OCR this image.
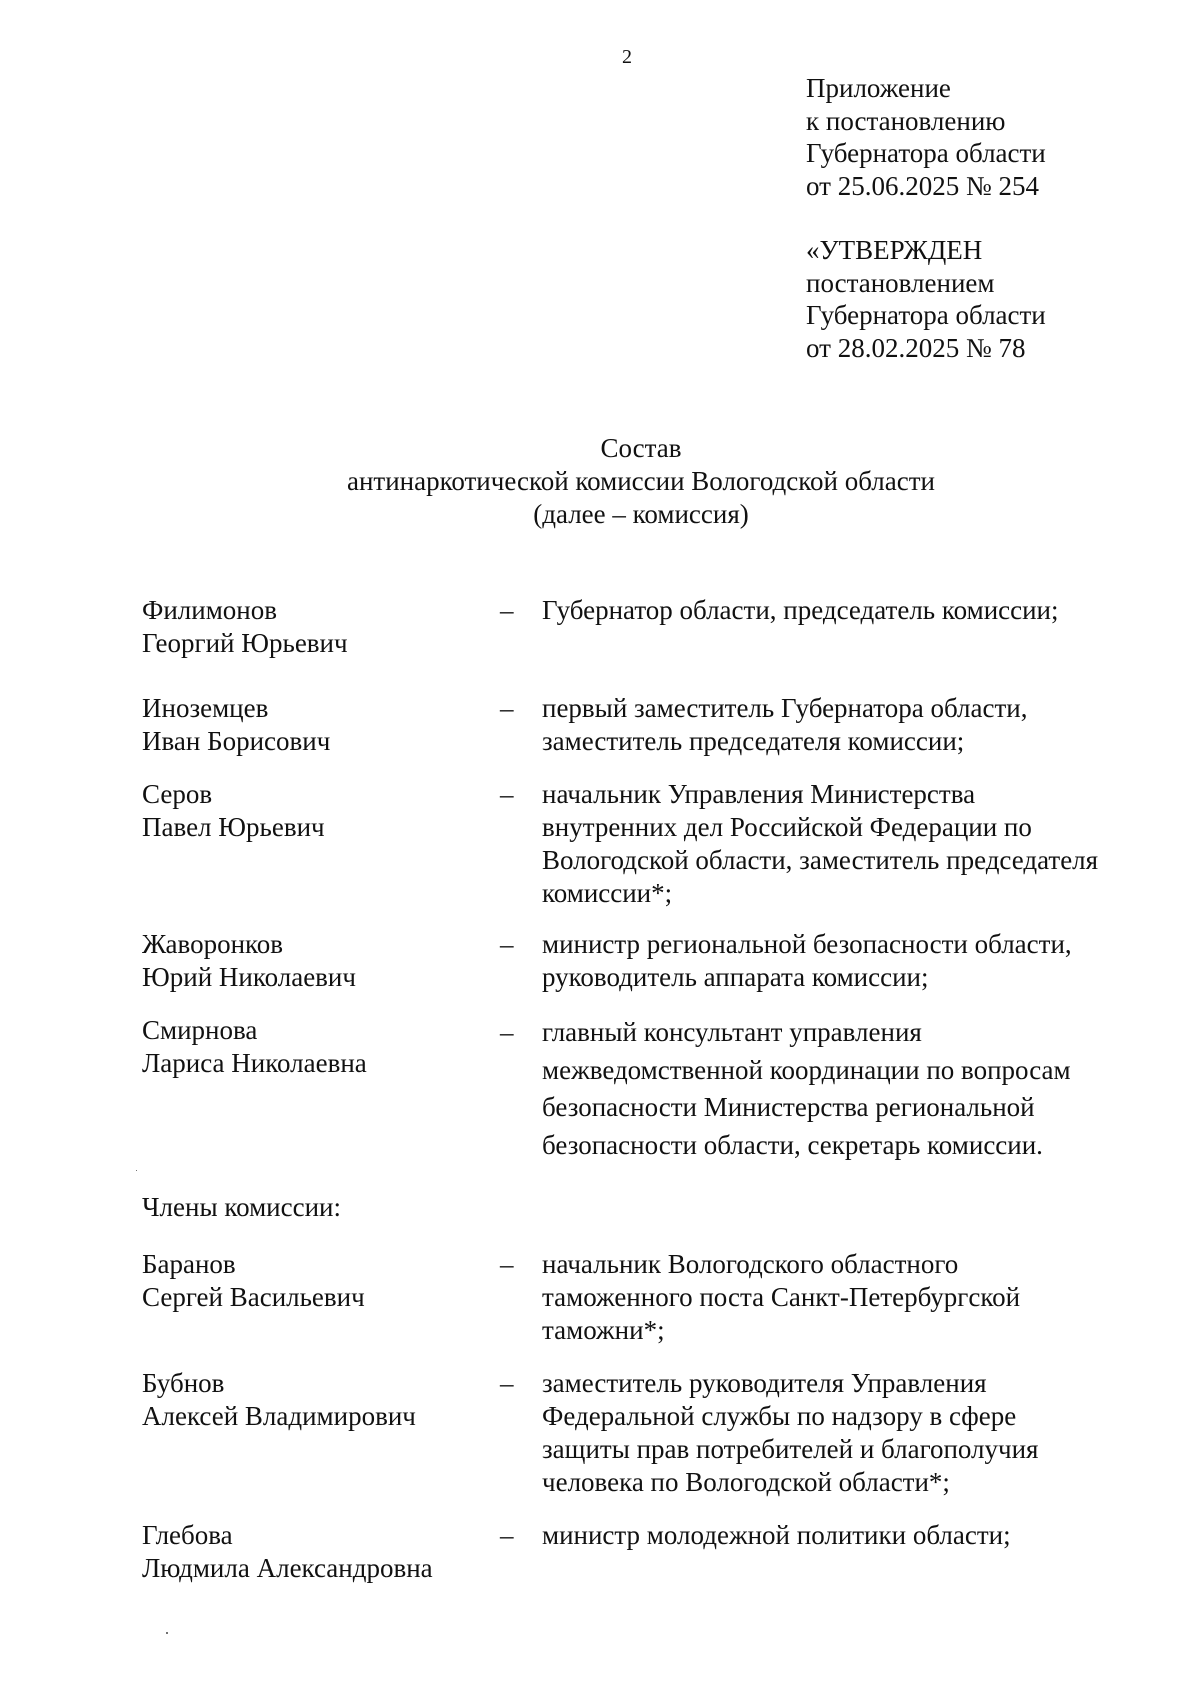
2
Приложение
к постановлению
Губернатора области
от 25.06.2025 № 254
«УТВЕРЖДЕН
постановлением
Губернатора области
от 28.02.2025 № 78
Состав
антинаркотической комиссии Вологодской области
(далее – комиссия)
Филимонов
Георгий Юрьевич
– Губернатор области, председатель комиссии;
Иноземцев
Иван Борисович
– первый заместитель Губернатора области,
заместитель председателя комиссии;
Серов
Павел Юрьевич
– начальник Управления Министерства
внутренних дел Российской Федерации по
Вологодской области, заместитель председателя
комиссии*;
Жаворонков
Юрий Николаевич
– министр региональной безопасности области,
руководитель аппарата комиссии;
Смирнова
Лариса Николаевна
– главный консультант управления
межведомственной координации по вопросам
безопасности Министерства региональной
безопасности области, секретарь комиссии.
Члены комиссии:
Баранов
Сергей Васильевич
– начальник Вологодского областного
таможенного поста Санкт-Петербургской
таможни*;
Бубнов
Алексей Владимирович
– заместитель руководителя Управления
Федеральной службы по надзору в сфере
защиты прав потребителей и благополучия
человека по Вологодской области*;
Глебова
Людмила Александровна
– министр молодежной политики области;
